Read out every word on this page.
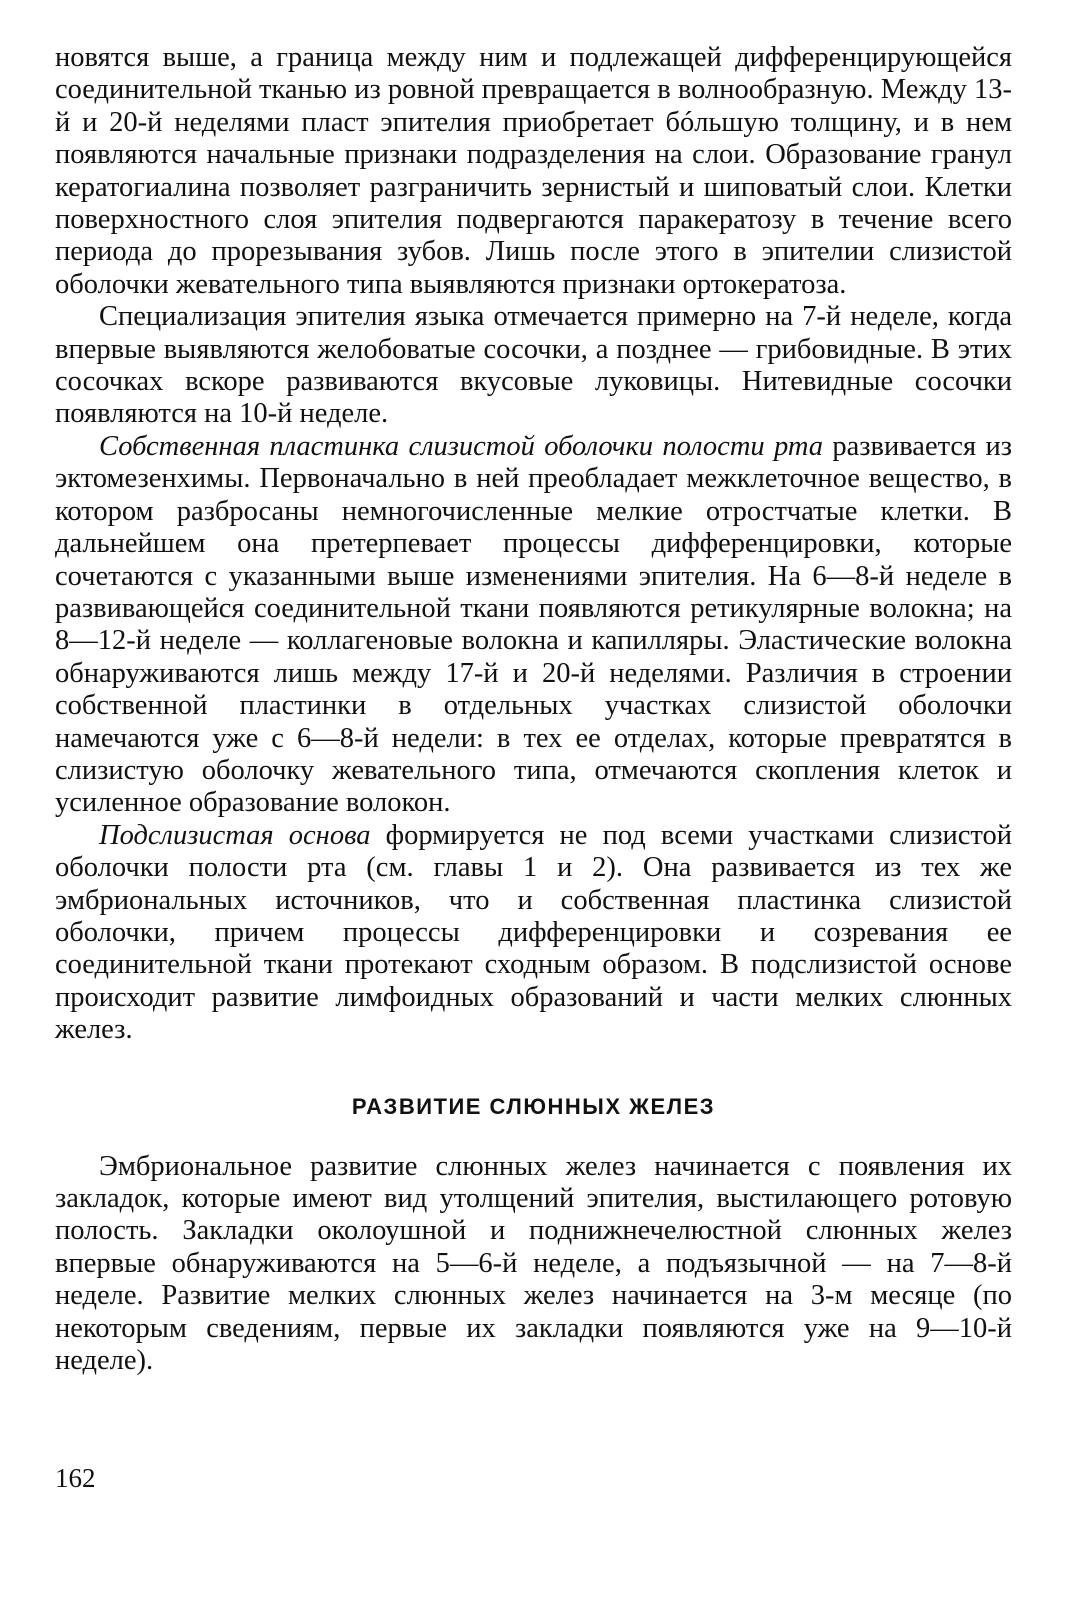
новятся выше, а граница между ним и подлежащей дифференцирующейся соединительной тканью из ровной превращается в волнообразную. Между 13-й и 20-й неделями пласт эпителия приобретает бóльшую толщину, и в нем появляются начальные признаки подразделения на слои. Образование гранул кератогиалина позволяет разграничить зернистый и шиповатый слои. Клетки поверхностного слоя эпителия подвергаются паракератозу в течение всего периода до прорезывания зубов. Лишь после этого в эпителии слизистой оболочки жевательного типа выявляются признаки ортокератоза.

Специализация эпителия языка отмечается примерно на 7-й неделе, когда впервые выявляются желобоватые сосочки, а позднее — грибовидные. В этих сосочках вскоре развиваются вкусовые луковицы. Нитевидные сосочки появляются на 10-й неделе.

Собственная пластинка слизистой оболочки полости рта развивается из эктомезенхимы. Первоначально в ней преобладает межклеточное вещество, в котором разбросаны немногочисленные мелкие отростчатые клетки. В дальнейшем она претерпевает процессы дифференцировки, которые сочетаются с указанными выше изменениями эпителия. На 6—8-й неделе в развивающейся соединительной ткани появляются ретикулярные волокна; на 8—12-й неделе — коллагеновые волокна и капилляры. Эластические волокна обнаруживаются лишь между 17-й и 20-й неделями. Различия в строении собственной пластинки в отдельных участках слизистой оболочки намечаются уже с 6—8-й недели: в тех ее отделах, которые превратятся в слизистую оболочку жевательного типа, отмечаются скопления клеток и усиленное образование волокон.

Подслизистая основа формируется не под всеми участками слизистой оболочки полости рта (см. главы 1 и 2). Она развивается из тех же эмбриональных источников, что и собственная пластинка слизистой оболочки, причем процессы дифференцировки и созревания ее соединительной ткани протекают сходным образом. В подслизистой основе происходит развитие лимфоидных образований и части мелких слюнных желез.

РАЗВИТИЕ СЛЮННЫХ ЖЕЛЕЗ

Эмбриональное развитие слюнных желез начинается с появления их закладок, которые имеют вид утолщений эпителия, выстилающего ротовую полость. Закладки околоушной и поднижнечелюстной слюнных желез впервые обнаруживаются на 5—6-й неделе, а подъязычной — на 7—8-й неделе. Развитие мелких слюнных желез начинается на 3-м месяце (по некоторым сведениям, первые их закладки появляются уже на 9—10-й неделе).

162
